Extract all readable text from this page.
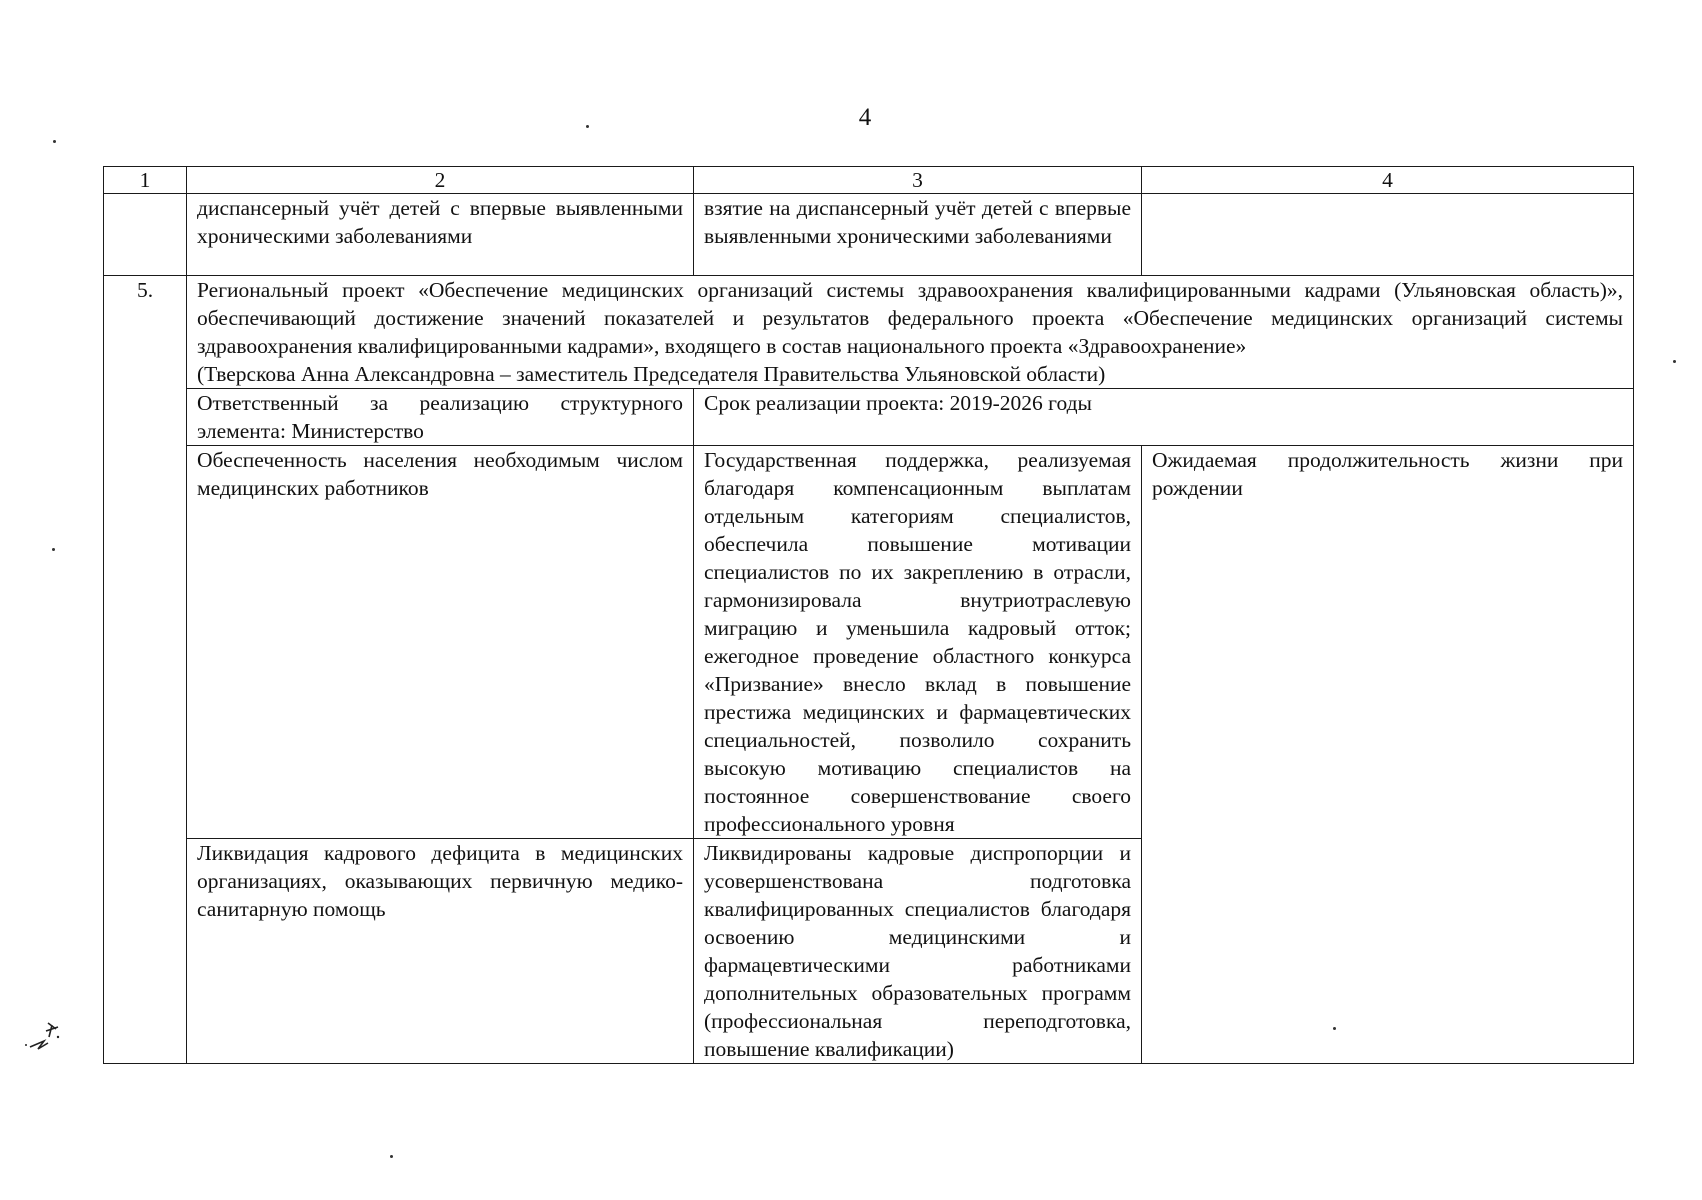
4
1	2	3	4
	диспансерный учёт детей с впервые выявленными хроническими заболеваниями	взятие на диспансерный учёт детей с впервые выявленными хроническими заболеваниями	
5.	Региональный проект «Обеспечение медицинских организаций системы здравоохранения квалифицированными кадрами (Ульяновская область)», обеспечивающий достижение значений показателей и результатов федерального проекта «Обеспечение медицинских организаций системы здравоохранения квалифицированными кадрами», входящего в состав национального проекта «Здравоохранение»
(Тверскова Анна Александровна – заместитель Председателя Правительства Ульяновской области)		

	Ответственный за реализацию структурного элемента: Министерство	Срок реализации проекта: 2019-2026 годы	
	Обеспеченность населения необходимым числом медицинских работников	Государственная поддержка, реализуемая благодаря компенсационным выплатам отдельным категориям специалистов, обеспечила повышение мотивации специалистов по их закреплению в отрасли, гармонизировала внутриотраслевую миграцию и уменьшила кадровый отток; ежегодное проведение областного конкурса «Призвание» внесло вклад в повышение престижа медицинских и фармацевтических специальностей, позволило сохранить высокую мотивацию специалистов на постоянное совершенствование своего профессионального уровня	Ожидаемая продолжительность жизни при рождении
	Ликвидация кадрового дефицита в медицинских организациях, оказывающих первичную медико-санитарную помощь	Ликвидированы кадровые диспропорции и усовершенствована подготовка квалифицированных специалистов благодаря освоению медицинскими и фармацевтическими работниками дополнительных образовательных программ (профессиональная переподготовка, повышение квалификации)	
